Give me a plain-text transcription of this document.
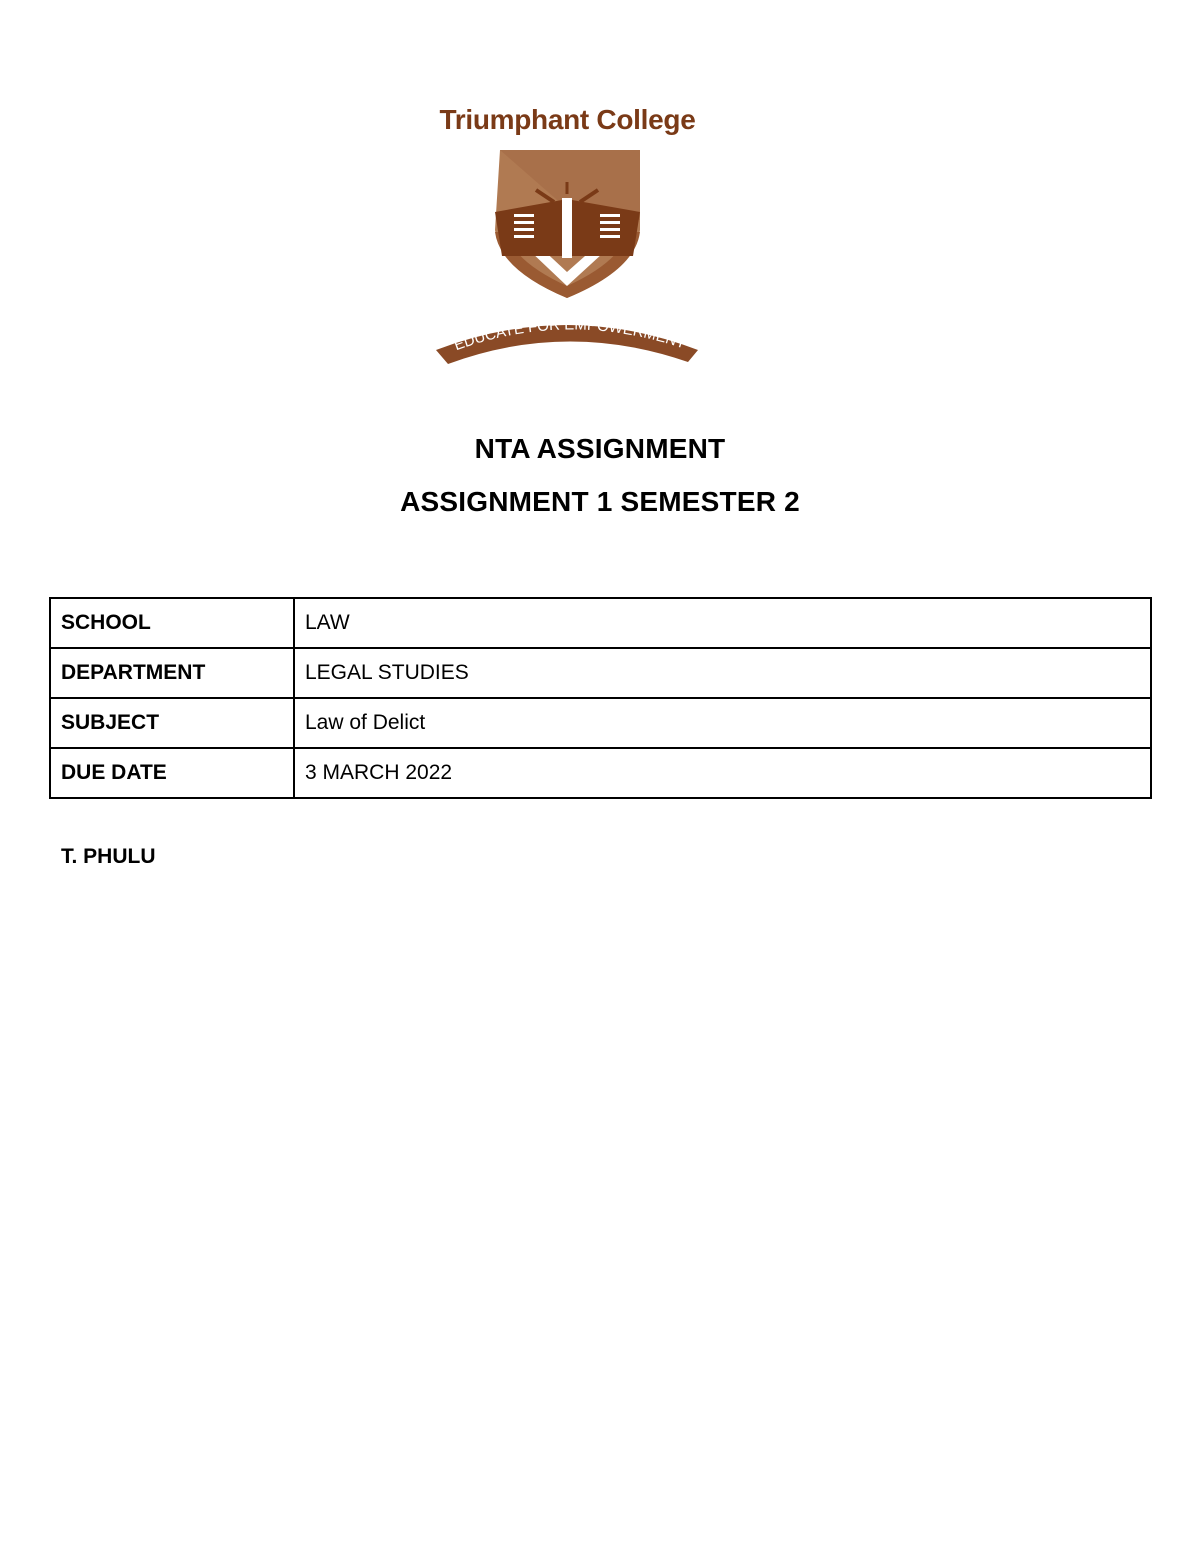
Triumphant College
EDUCATE FOR EMPOWERMENT
NTA ASSIGNMENT
ASSIGNMENT 1 SEMESTER 2
SCHOOL	LAW
DEPARTMENT	LEGAL STUDIES
SUBJECT	Law of Delict
DUE DATE	3 MARCH 2022
T. PHULU
